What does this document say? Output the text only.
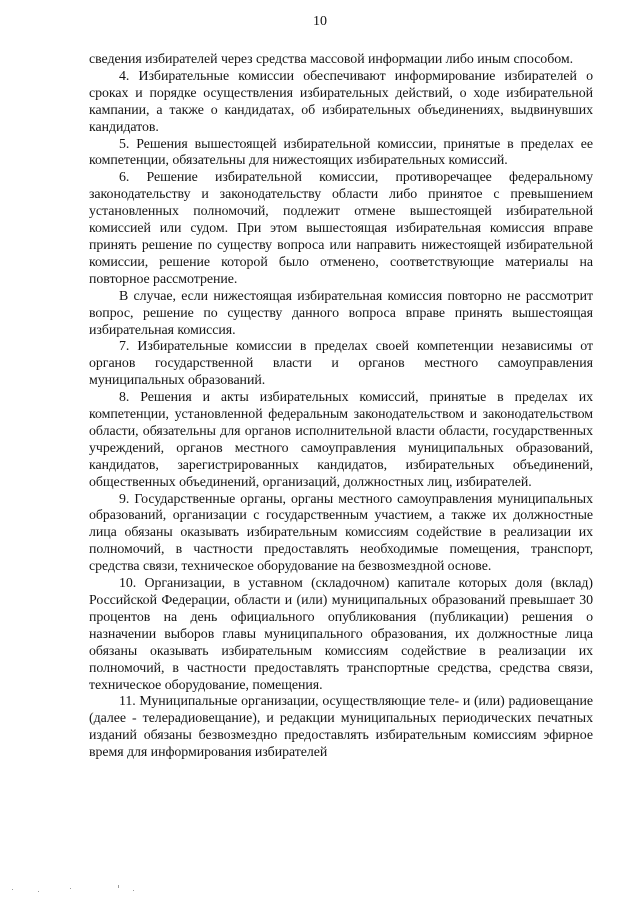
10

сведения избирателей через средства массовой информации либо иным способом.

4. Избирательные комиссии обеспечивают информирование избирателей о сроках и порядке осуществления избирательных действий, о ходе избирательной кампании, а также о кандидатах, об избирательных объединениях, выдвинувших кандидатов.

5. Решения вышестоящей избирательной комиссии, принятые в пределах ее компетенции, обязательны для нижестоящих избирательных комиссий.

6. Решение избирательной комиссии, противоречащее федеральному законодательству и законодательству области либо принятое с превышением установленных полномочий, подлежит отмене вышестоящей избирательной комиссией или судом. При этом вышестоящая избирательная комиссия вправе принять решение по существу вопроса или направить нижестоящей избирательной комиссии, решение которой было отменено, соответствующие материалы на повторное рассмотрение.

В случае, если нижестоящая избирательная комиссия повторно не рассмотрит вопрос, решение по существу данного вопроса вправе принять вышестоящая избирательная комиссия.

7. Избирательные комиссии в пределах своей компетенции независимы от органов государственной власти и органов местного самоуправления муниципальных образований.

8. Решения и акты избирательных комиссий, принятые в пределах их компетенции, установленной федеральным законодательством и законодательством области, обязательны для органов исполнительной власти области, государственных учреждений, органов местного самоуправления муниципальных образований, кандидатов, зарегистрированных кандидатов, избирательных объединений, общественных объединений, организаций, должностных лиц, избирателей.

9. Государственные органы, органы местного самоуправления муниципальных образований, организации с государственным участием, а также их должностные лица обязаны оказывать избирательным комиссиям содействие в реализации их полномочий, в частности предоставлять необходимые помещения, транспорт, средства связи, техническое оборудование на безвозмездной основе.

10. Организации, в уставном (складочном) капитале которых доля (вклад) Российской Федерации, области и (или) муниципальных образований превышает 30 процентов на день официального опубликования (публикации) решения о назначении выборов главы муниципального образования, их должностные лица обязаны оказывать избирательным комиссиям содействие в реализации их полномочий, в частности предоставлять транспортные средства, средства связи, техническое оборудование, помещения.

11. Муниципальные организации, осуществляющие теле- и (или) радиовещание (далее - телерадиовещание), и редакции муниципальных периодических печатных изданий обязаны безвозмездно предоставлять избирательным комиссиям эфирное время для информирования избирателей
